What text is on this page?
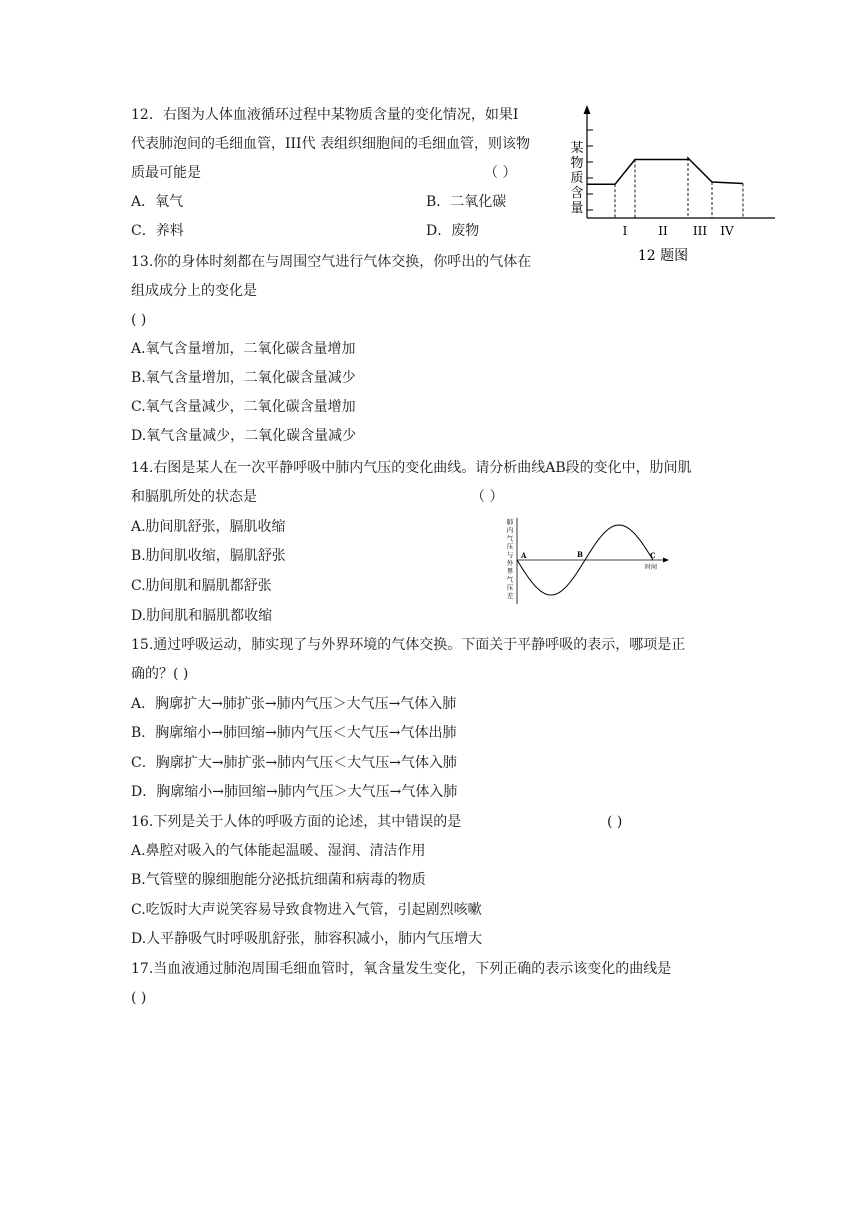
12．右图为人体血液循环过程中某物质含量的变化情况，如果I
代表肺泡间的毛细血管，III代 表组织细胞间的毛细血管，则该物
质最可能是	（ ）
A．氧气	B．二氧化碳
C．养料	D．废物
某
物
质
含
量
I	II III IV
12 题图
13.你的身体时刻都在与周围空气进行气体交换，你呼出的气体在
组成成分上的变化是
( )
A.氧气含量增加，二氧化碳含量增加
B.氧气含量增加，二氧化碳含量减少
C.氧气含量减少，二氧化碳含量增加
D.氧气含量减少，二氧化碳含量减少
14.右图是某人在一次平静呼吸中肺内气压的变化曲线。请分析曲线AB段的变化中，肋间肌
和膈肌所处的状态是	（ ）
A.肋间肌舒张，膈肌收缩
B.肋间肌收缩，膈肌舒张
C.肋间肌和膈肌都舒张
D.肋间肌和膈肌都收缩
肺
内
气
压
与
外
界
气
压
差
A	B	C
时间
15.通过呼吸运动，肺实现了与外界环境的气体交换。下面关于平静呼吸的表示，哪项是正
确的？( )
A．胸廓扩大→肺扩张→肺内气压＞大气压→气体入肺
B．胸廓缩小→肺回缩→肺内气压＜大气压→气体出肺
C．胸廓扩大→肺扩张→肺内气压＜大气压→气体入肺
D．胸廓缩小→肺回缩→肺内气压＞大气压→气体入肺
16.下列是关于人体的呼吸方面的论述，其中错误的是	( )
A.鼻腔对吸入的气体能起温暖、湿润、清洁作用
B.气管壁的腺细胞能分泌抵抗细菌和病毒的物质
C.吃饭时大声说笑容易导致食物进入气管，引起剧烈咳嗽
D.人平静吸气时呼吸肌舒张，肺容积减小，肺内气压增大
17.当血液通过肺泡周围毛细血管时，氧含量发生变化，下列正确的表示该变化的曲线是
( )
